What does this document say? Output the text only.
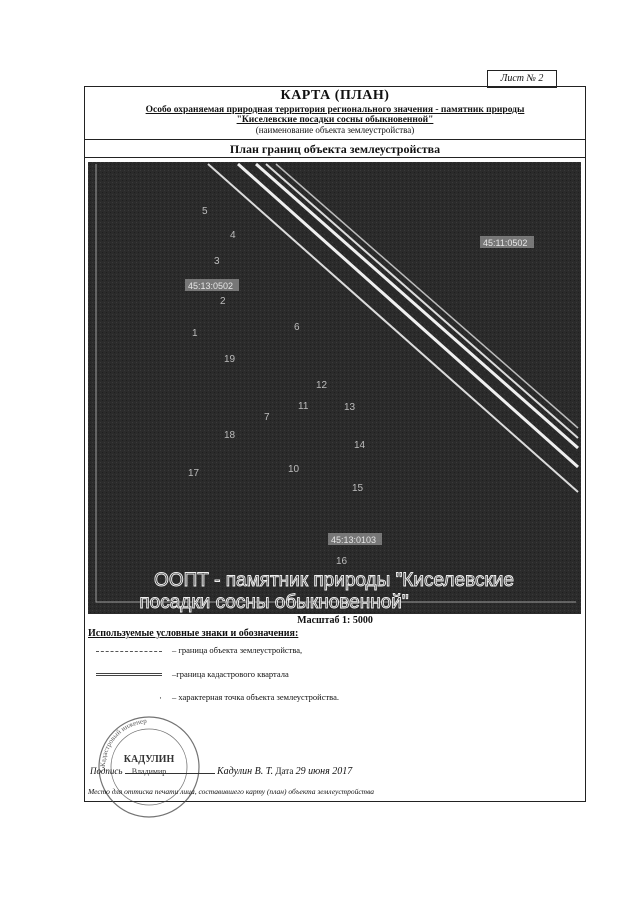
Лист № 2
КАРТА (ПЛАН)
Особо охраняемая природная территория регионального значения - памятник природы
"Киселевские посадки сосны обыкновенной"
(наименование объекта землеустройства)
План границ объекта землеустройства
45:11:0502
45:13:0502
45:13:0103
5
4
3
2
1
6
19
12
11	13
7
18
14
17	10
15
16
ООПТ - памятник природы "Киселевские
посадки сосны обыкновенной"
Масштаб 1: 5000
Используемые условные знаки и обозначения:
– граница объекта землеустройства,
–граница кадастрового квартала
· – характерная точка объекта землеустройства.
Кадастровый инженер
КАДУЛИН
Владимир
Подпись	Кадулин В. Т. Дата 29 июня 2017
Место для оттиска печати лица, составившего карту (план) объекта землеустройства
